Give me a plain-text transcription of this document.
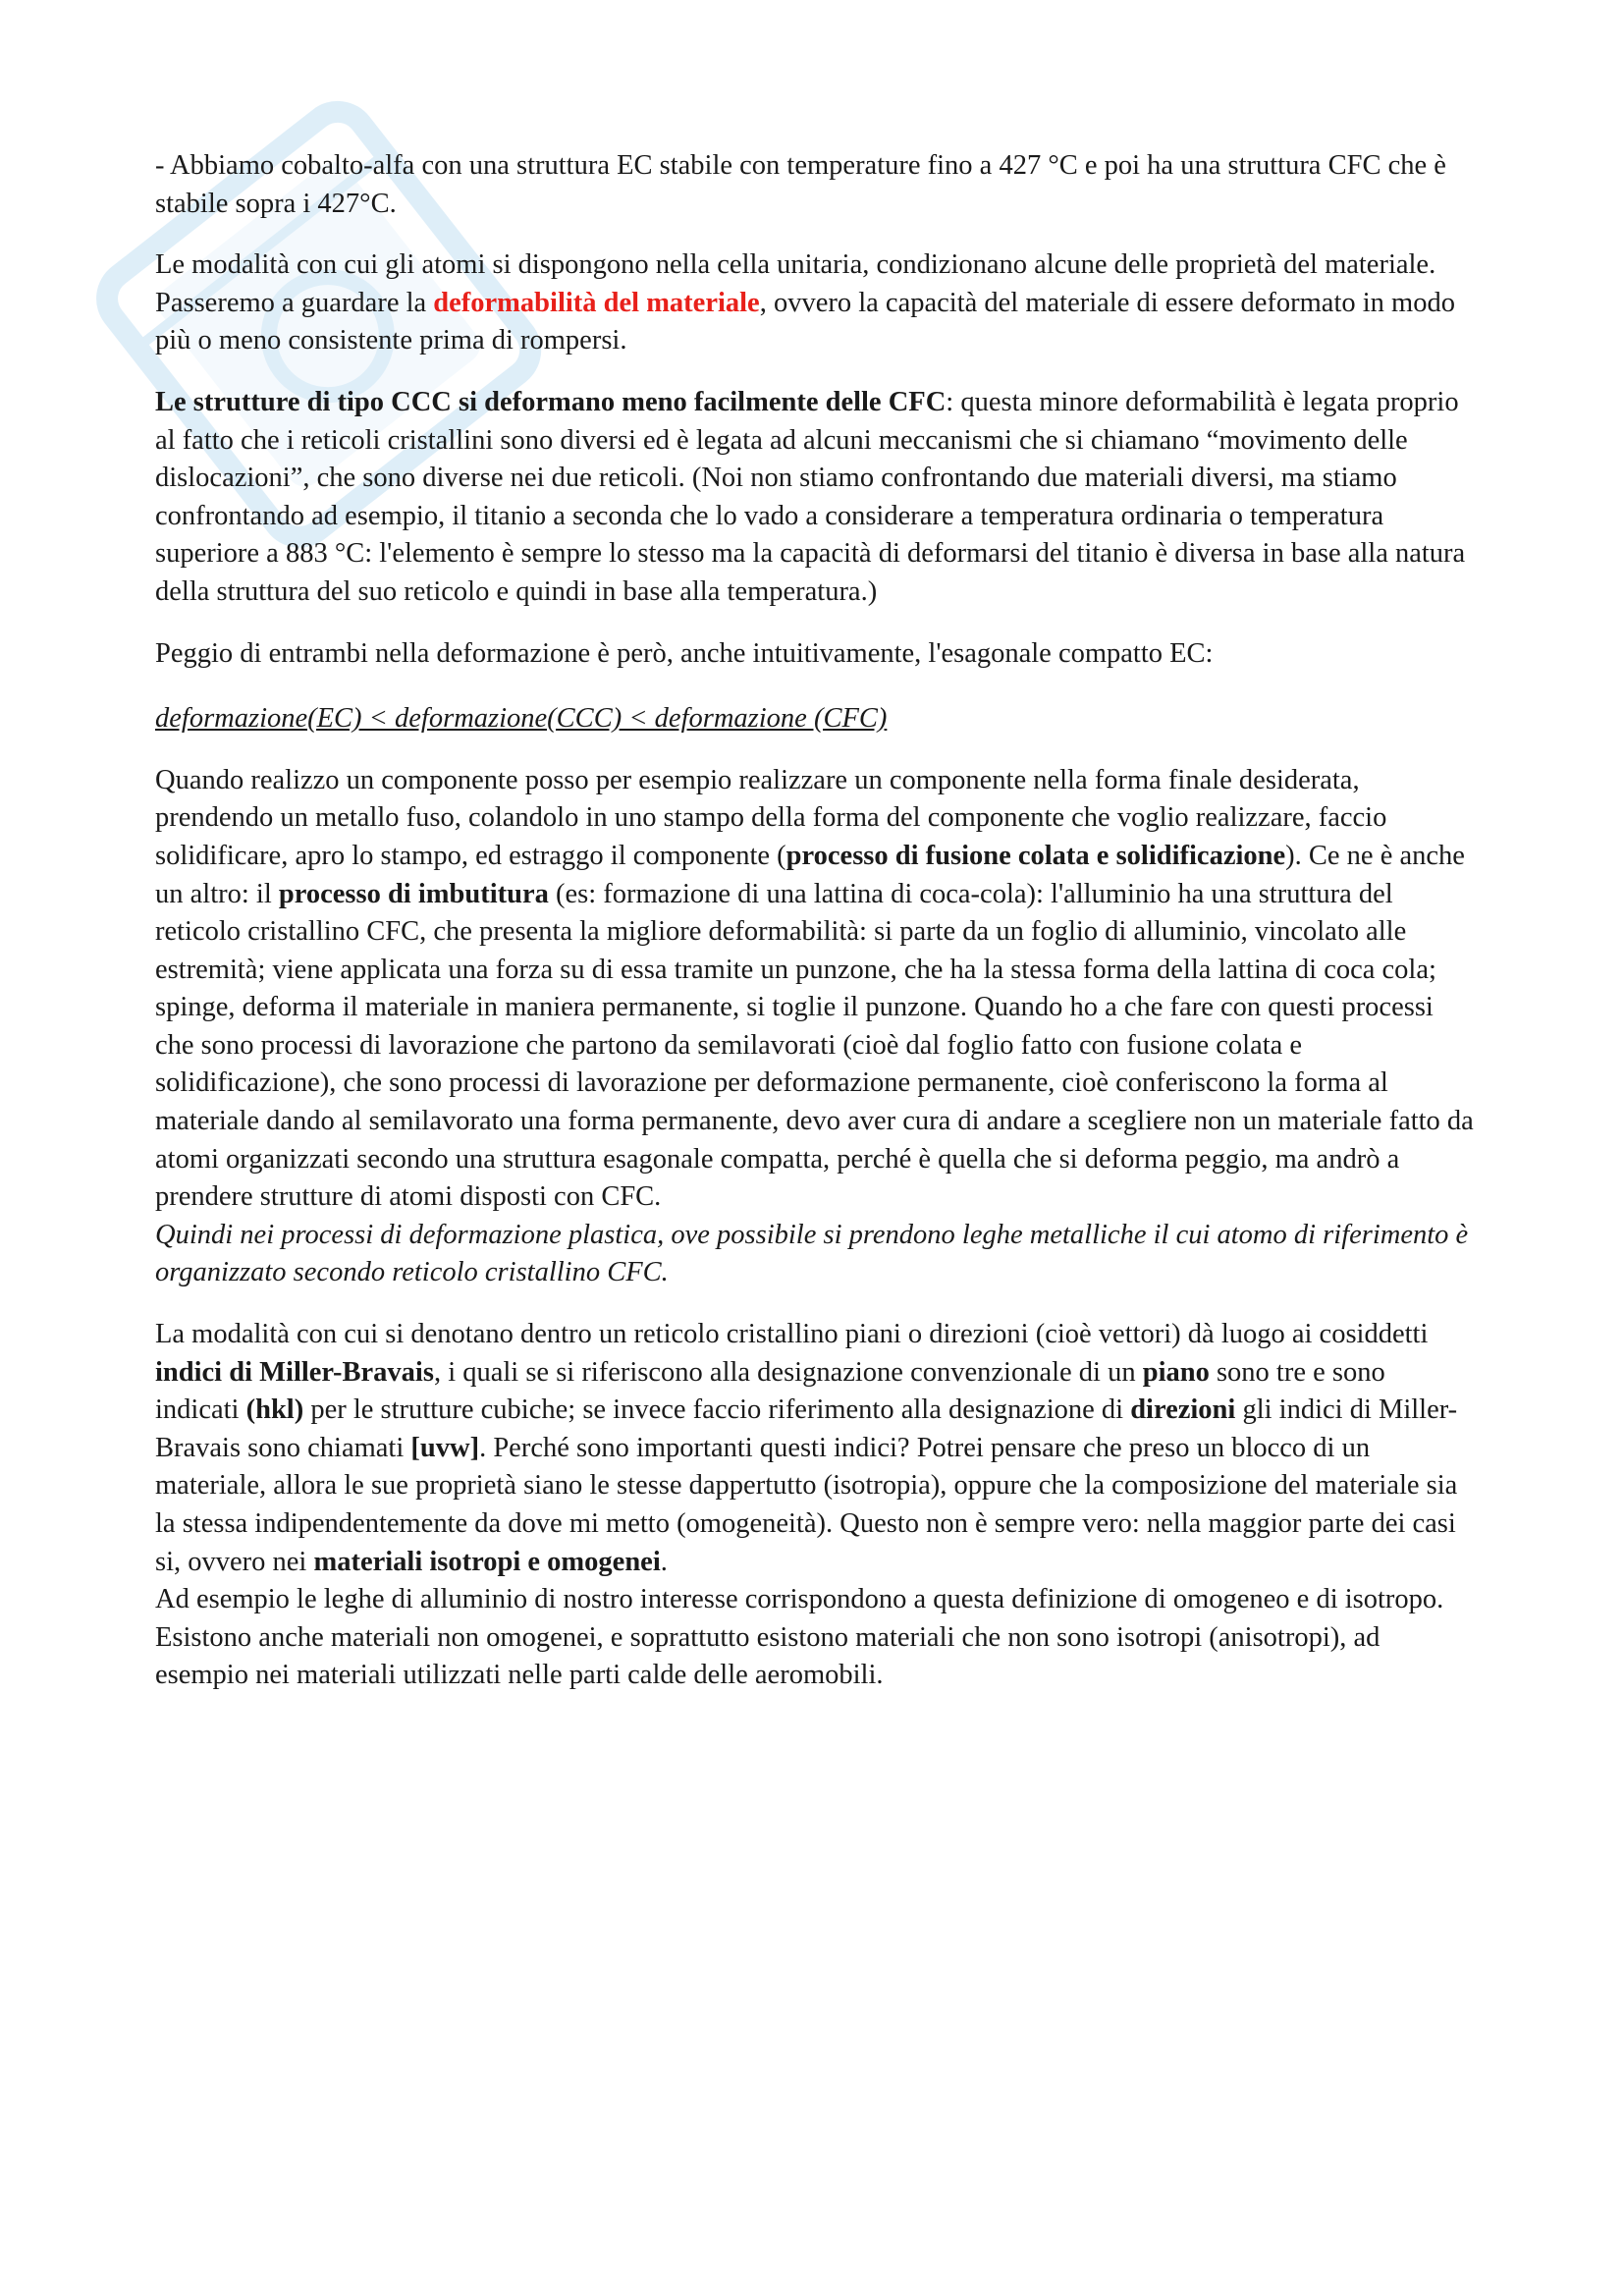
- Abbiamo cobalto-alfa con una struttura EC stabile con temperature fino a 427 °C e poi ha una struttura CFC che è stabile sopra i 427°C.

Le modalità con cui gli atomi si dispongono nella cella unitaria, condizionano alcune delle proprietà del materiale. Passeremo a guardare la deformabilità del materiale, ovvero la capacità del materiale di essere deformato in modo più o meno consistente prima di rompersi.

Le strutture di tipo CCC si deformano meno facilmente delle CFC: questa minore deformabilità è legata proprio al fatto che i reticoli cristallini sono diversi ed è legata ad alcuni meccanismi che si chiamano “movimento delle dislocazioni”, che sono diverse nei due reticoli. (Noi non stiamo confrontando due materiali diversi, ma stiamo confrontando ad esempio, il titanio a seconda che lo vado a considerare a temperatura ordinaria o temperatura superiore a 883 °C: l'elemento è sempre lo stesso ma la capacità di deformarsi del titanio è diversa in base alla natura della struttura del suo reticolo e quindi in base alla temperatura.)

Peggio di entrambi nella deformazione è però, anche intuitivamente, l'esagonale compatto EC:

deformazione(EC) < deformazione(CCC) < deformazione (CFC)

Quando realizzo un componente posso per esempio realizzare un componente nella forma finale desiderata, prendendo un metallo fuso, colandolo in uno stampo della forma del componente che voglio realizzare, faccio solidificare, apro lo stampo, ed estraggo il componente (processo di fusione colata e solidificazione). Ce ne è anche un altro: il processo di imbutitura (es: formazione di una lattina di coca-cola): l'alluminio ha una struttura del reticolo cristallino CFC, che presenta la migliore deformabilità: si parte da un foglio di alluminio, vincolato alle estremità; viene applicata una forza su di essa tramite un punzone, che ha la stessa forma della lattina di coca cola; spinge, deforma il materiale in maniera permanente, si toglie il punzone. Quando ho a che fare con questi processi che sono processi di lavorazione che partono da semilavorati (cioè dal foglio fatto con fusione colata e solidificazione), che sono processi di lavorazione per deformazione permanente, cioè conferiscono la forma al materiale dando al semilavorato una forma permanente, devo aver cura di andare a scegliere non un materiale fatto da atomi organizzati secondo una struttura esagonale compatta, perché è quella che si deforma peggio, ma andrò a prendere strutture di atomi disposti con CFC.
Quindi nei processi di deformazione plastica, ove possibile si prendono leghe metalliche il cui atomo di riferimento è organizzato secondo reticolo cristallino CFC.

La modalità con cui si denotano dentro un reticolo cristallino piani o direzioni (cioè vettori) dà luogo ai cosiddetti indici di Miller-Bravais, i quali se si riferiscono alla designazione convenzionale di un piano sono tre e sono indicati (hkl) per le strutture cubiche; se invece faccio riferimento alla designazione di direzioni gli indici di Miller-Bravais sono chiamati [uvw]. Perché sono importanti questi indici? Potrei pensare che preso un blocco di un materiale, allora le sue proprietà siano le stesse dappertutto (isotropia), oppure che la composizione del materiale sia la stessa indipendentemente da dove mi metto (omogeneità). Questo non è sempre vero: nella maggior parte dei casi si, ovvero nei materiali isotropi e omogenei.

Ad esempio le leghe di alluminio di nostro interesse corrispondono a questa definizione di omogeneo e di isotropo. Esistono anche materiali non omogenei, e soprattutto esistono materiali che non sono isotropi (anisotropi), ad esempio nei materiali utilizzati nelle parti calde delle aeromobili.
